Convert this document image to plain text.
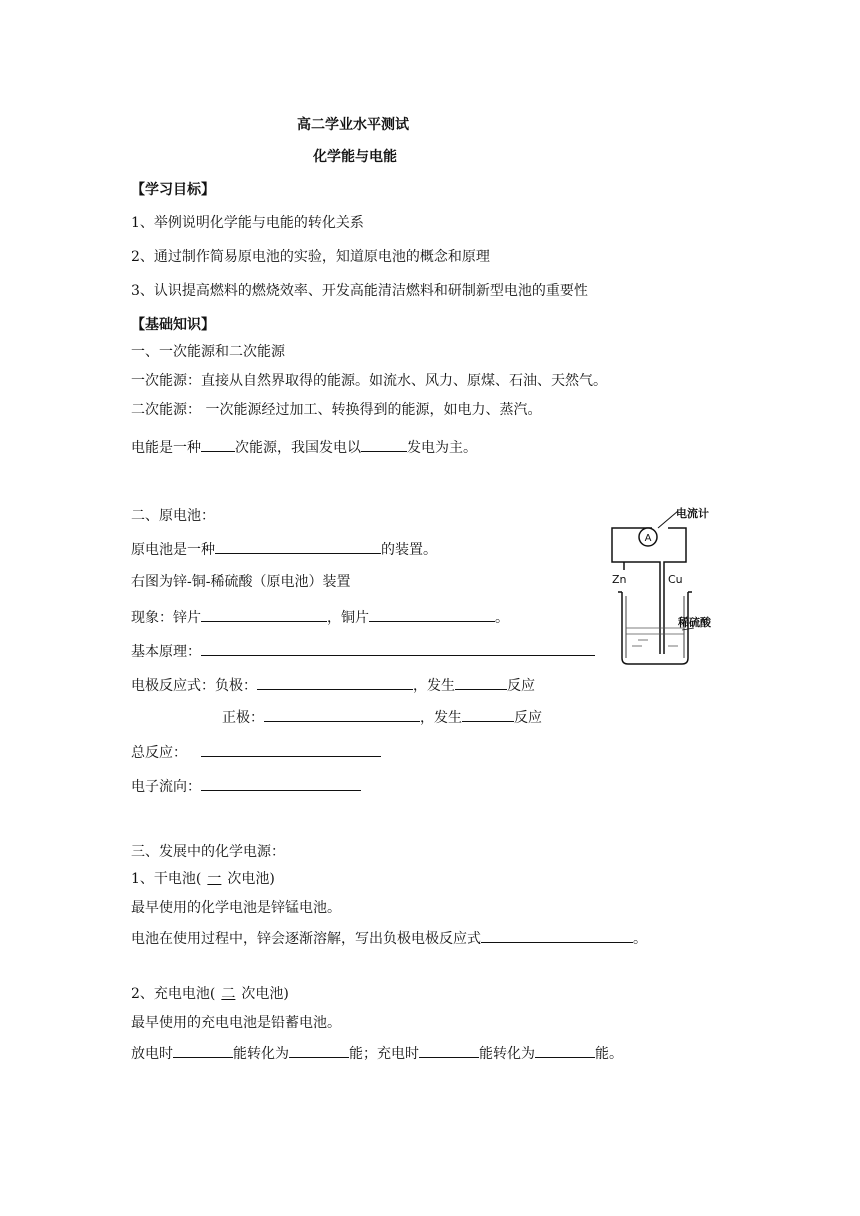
高二学业水平测试
化学能与电能
【学习目标】
1、举例说明化学能与电能的转化关系
2、通过制作简易原电池的实验，知道原电池的概念和原理
3、认识提高燃料的燃烧效率、开发高能清洁燃料和研制新型电池的重要性
【基础知识】
一、一次能源和二次能源
一次能源：直接从自然界取得的能源。如流水、风力、原煤、石油、天然气。
二次能源： 一次能源经过加工、转换得到的能源，如电力、蒸汽。
电能是一种 次能源，我国发电以	发电为主。
二、原电池：
原电池是一种	的装置。
右图为锌-铜-稀硫酸（原电池）装置
现象：锌片	，铜片	。
基本原理：
电极反应式：负极：	，发生	反应
正极：	，发生	反应
总反应：
电子流向：
电流计
A
Zn	Cu
稀硫酸
三、发展中的化学电源：
1、干电池( 一 次电池)
最早使用的化学电池是锌锰电池。
电池在使用过程中，锌会逐渐溶解，写出负极电极反应式	。
2、充电电池( 二 次电池)
最早使用的充电电池是铅蓄电池。
放电时	能转化为	能；充电时	能转化为	能。
